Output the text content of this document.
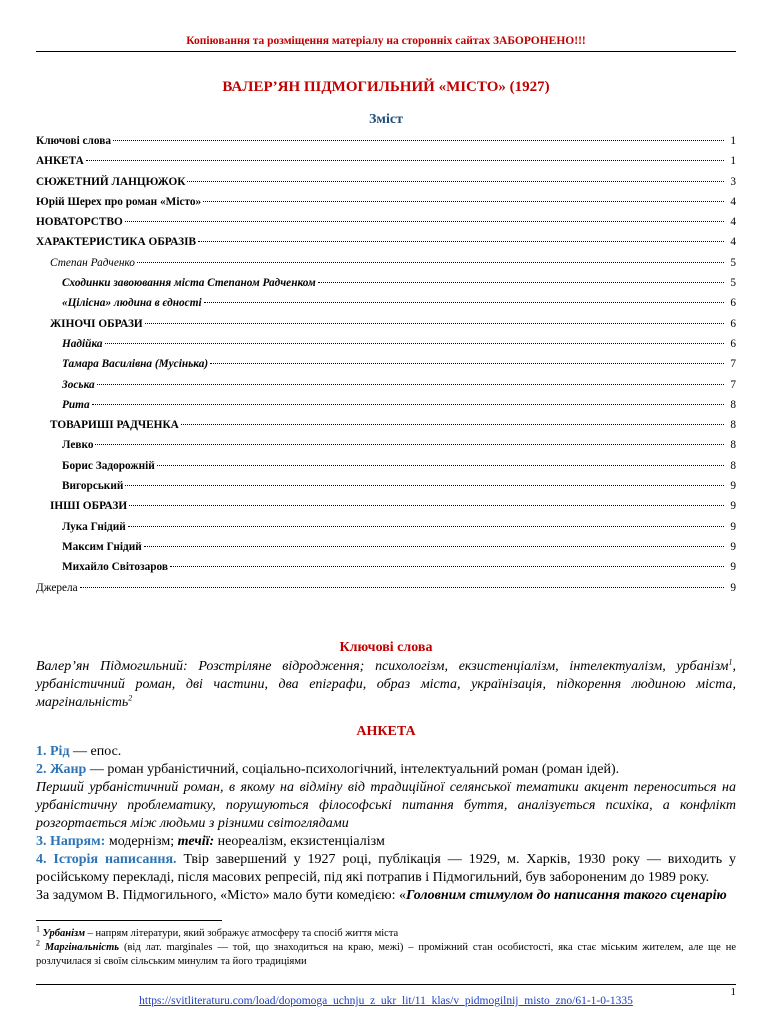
Копіювання та розміщення матеріалу на сторонніх сайтах ЗАБОРОНЕНО!!!
ВАЛЕР’ЯН ПІДМОГИЛЬНИЙ «МІСТО» (1927)
Зміст
Ключові слова	1
АНКЕТА	1
СЮЖЕТНИЙ ЛАНЦЮЖОК	3
Юрій Шерех про роман «Місто»	4
НОВАТОРСТВО	4
ХАРАКТЕРИСТИКА ОБРАЗІВ	4
Степан Радченко	5
Сходинки завоювання міста Степаном Радченком	5
«Цілісна» людина в єдності	6
ЖІНОЧІ ОБРАЗИ	6
Надійка	6
Тамара Василівна (Мусінька)	7
Зоська	7
Рита	8
ТОВАРИШІ РАДЧЕНКА	8
Левко	8
Борис Задорожній	8
Вигорський	9
ІНШІ ОБРАЗИ	9
Лука Гнідий	9
Максим Гнідий	9
Михайло Світозаров	9
Джерела	9
Ключові слова

Валер’ян Підмогильний: Розстріляне відродження; психологізм, екзистенціалізм, інтелектуалізм, урбанізм$^1$, урбаністичний роман, дві частини, два епіграфи, образ міста, українізація, підкорення людиною міста, маргінальність$^2$

АНКЕТА

1. Рід — епос.

2. Жанр — роман урбаністичний, соціально-психологічний, інтелектуальний роман (роман ідей).

Перший урбаністичний роман, в якому на відміну від традиційної селянської тематики акцент переноситься на урбаністичну проблематику, порушуються філософські питання буття, аналізується психіка, а конфлікт розгортається між людьми з різними світоглядами

3. Напрям: модернізм; течії: неореалізм, екзистенціалізм

4. Історія написання. Твір завершений у 1927 році, публікація — 1929, м. Харків, 1930 року — виходить у російському перекладі, після масових репресій, під які потрапив і Підмогильний, був забороненим до 1989 року.

За задумом В. Підмогильного, «Місто» мало бути комедією: «Головним стимулом до написання такого сценарію

$^1$ Урбанізм – напрям літератури, який зображує атмосферу та спосіб життя міста

$^2$ Маргінальність (від лат. marginales — той, що знаходиться на краю, межі) – проміжний стан особистості, яка стає міським жителем, але ще не розлучилася зі своїм сільським минулим та його традиціями

1
https://svitliteraturu.com/load/dopomoga_uchnju_z_ukr_lit/11_klas/v_pidmogilnij_misto_zno/61-1-0-1335
